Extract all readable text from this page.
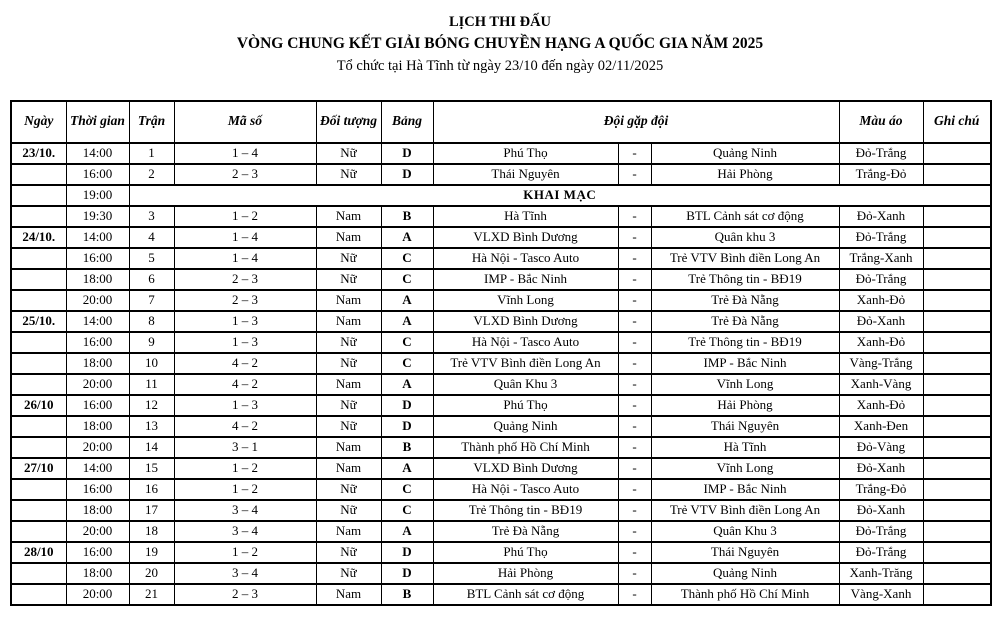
LỊCH THI ĐẤU
VÒNG CHUNG KẾT GIẢI BÓNG CHUYỀN HẠNG A QUỐC GIA NĂM 2025
Tổ chức tại Hà Tĩnh từ ngày 23/10 đến ngày 02/11/2025
Ngày	Thời gian	Trận	Mã số	Đối tượng	Bảng	Đội gặp đội			Màu áo	Ghi chú
23/10.	14:00	1	1 – 4	Nữ	D	Phú Thọ	-	Quảng Ninh	Đỏ-Trắng	
	16:00	2	2 – 3	Nữ	D	Thái Nguyên	-	Hải Phòng	Trắng-Đỏ	
	19:00	KHAI MẠC								
	19:30	3	1 – 2	Nam	B	Hà Tĩnh	-	BTL Cảnh sát cơ động	Đỏ-Xanh	
24/10.	14:00	4	1 – 4	Nam	A	VLXD Bình Dương	-	Quân khu 3	Đỏ-Trắng	
	16:00	5	1 – 4	Nữ	C	Hà Nội - Tasco Auto	-	Trẻ VTV Bình điền Long An	Trắng-Xanh	
	18:00	6	2 – 3	Nữ	C	IMP - Bắc Ninh	-	Trẻ Thông tin - BĐ19	Đỏ-Trắng	
	20:00	7	2 – 3	Nam	A	Vĩnh Long	-	Trẻ Đà Nẵng	Xanh-Đỏ	
25/10.	14:00	8	1 – 3	Nam	A	VLXD Bình Dương	-	Trẻ Đà Nẵng	Đỏ-Xanh	
	16:00	9	1 – 3	Nữ	C	Hà Nội - Tasco Auto	-	Trẻ Thông tin - BĐ19	Xanh-Đỏ	
	18:00	10	4 – 2	Nữ	C	Trẻ VTV Bình điền Long An	-	IMP - Bắc Ninh	Vàng-Trắng	
	20:00	11	4 – 2	Nam	A	Quân Khu 3	-	Vĩnh Long	Xanh-Vàng	
26/10	16:00	12	1 – 3	Nữ	D	Phú Thọ	-	Hải Phòng	Xanh-Đỏ	
	18:00	13	4 – 2	Nữ	D	Quảng Ninh	-	Thái Nguyên	Xanh-Đen	
	20:00	14	3 – 1	Nam	B	Thành phố Hồ Chí Minh	-	Hà Tĩnh	Đỏ-Vàng	
27/10	14:00	15	1 – 2	Nam	A	VLXD Bình Dương	-	Vĩnh Long	Đỏ-Xanh	
	16:00	16	1 – 2	Nữ	C	Hà Nội - Tasco Auto	-	IMP - Bắc Ninh	Trắng-Đỏ	
	18:00	17	3 – 4	Nữ	C	Trẻ Thông tin - BĐ19	-	Trẻ VTV Bình điền Long An	Đỏ-Xanh	
	20:00	18	3 – 4	Nam	A	Trẻ Đà Nẵng	-	Quân Khu 3	Đỏ-Trắng	
28/10	16:00	19	1 – 2	Nữ	D	Phú Thọ	-	Thái Nguyên	Đỏ-Trắng	
	18:00	20	3 – 4	Nữ	D	Hải Phòng	-	Quảng Ninh	Xanh-Trăng	
	20:00	21	2 – 3	Nam	B	BTL Cảnh sát cơ động	-	Thành phố Hồ Chí Minh	Vàng-Xanh	
